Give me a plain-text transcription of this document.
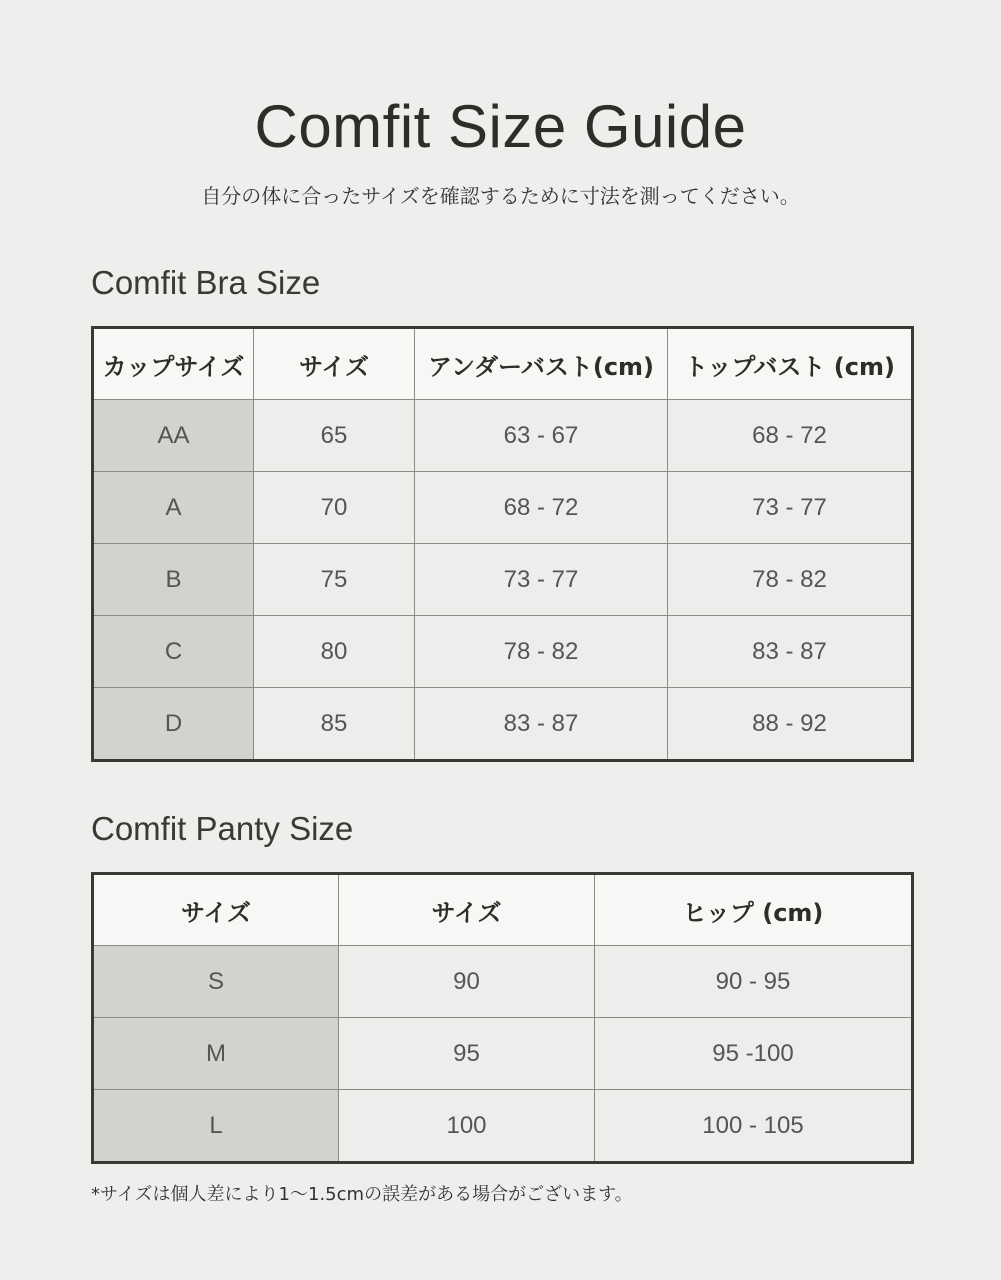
Comfit Size Guide
自分の体に合ったサイズを確認するために寸法を測ってください。
Comfit Bra Size
カップサイズ	サイズ	アンダーバスト(cm)	トップバスト (cm)
AA	65	63 - 67	68 - 72
A	70	68 - 72	73 - 77
B	75	73 - 77	78 - 82
C	80	78 - 82	83 - 87
D	85	83 - 87	88 - 92
Comfit Panty Size
サイズ	サイズ	ヒップ (cm)
S	90	90 - 95
M	95	95 -100
L	100	100 - 105
*サイズは個人差により1〜1.5cmの誤差がある場合がございます。
